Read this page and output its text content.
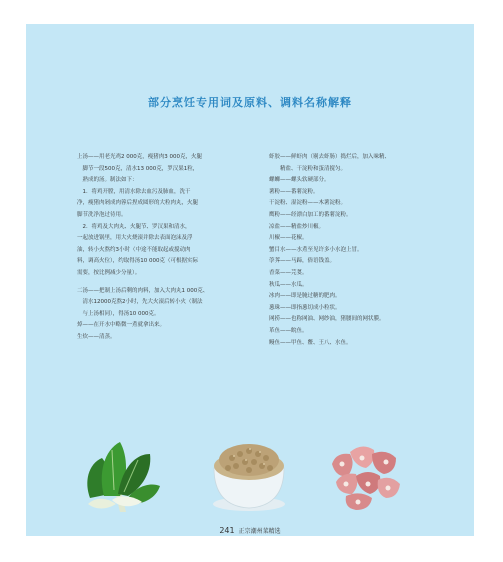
部分烹饪专用词及原料、调料名称解释

上汤——用老光鸡2 000克，瘦猪肉3 000克，火腿

　脚节一段500克，清水13 000克，罗汉果1粒，

　熟成的汤。制法如下：

　1．将鸡开膛，用清水除去血污及肺血，洗干

净，瘦猪肉剁成肉蓉后捏成圆形的大粒肉丸，火腿

脚节洗净泡过待用。

　2．将鸡及大肉丸、火腿节、罗汉果和清水，

一起放进锅里，用大火烧滚并除去表面泡沫及浮

油，转小火熬约3小时（中途不能取起或搅动肉

料，调高火位），约取得汤10 000克（可根据实际

需要，按比例减少分量）。

二汤——把制上汤后剩的肉料，加入大肉丸1 000克、

　清水12000克熬2小时，先大火滚后转小火（制法

　与上汤相同），得汤10 000克。

焯——在开水中略微一煮就拿出来。

生炊——清蒸。

虾胶——鲜虾肉（剔去虾肠）捣烂后，加入味精、

　　精盐、干淀粉和蛋清搅匀。

螺蛳——螺头软硬部分。

薯粉——番薯淀粉。

干淀粉、湿淀粉——木薯淀粉。

鹰粉——经漂白加工的番薯淀粉。

凉盐——精盐炒川椒。

川椒——花椒。

蟹目水——水煮至见许多小水泡上冒。

荸荠——马蹄，俗语钱盖。

香菜——芫荽。

秋瓜——水瓜。

冰肉——即是腌过糖的肥肉。

葱珠——即指葱切成小粒状。

网捞——也称网油、网纱油，猪腰间的网状膜。

革鱼——鲩鱼。

鳗鱼——甲鱼、鳖、王八、水鱼。

241 正宗潮州菜精选
